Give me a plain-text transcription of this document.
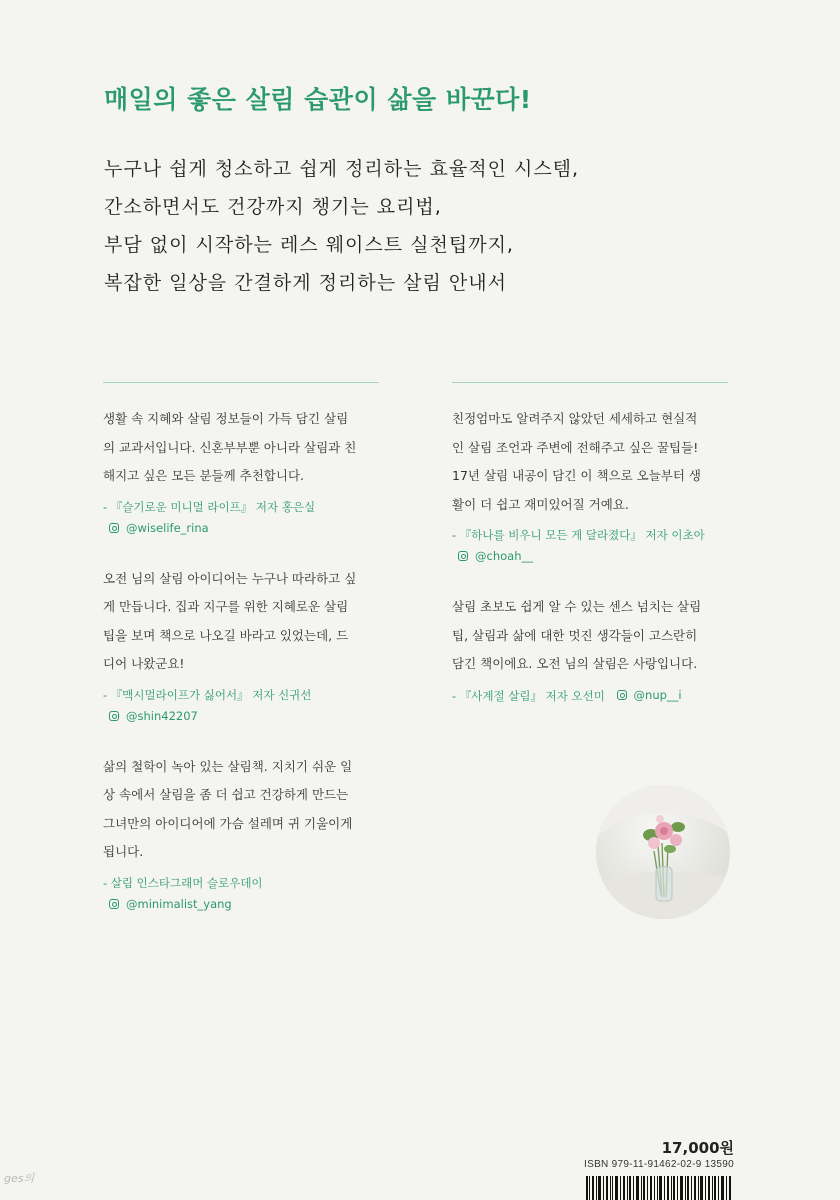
매일의 좋은 살림 습관이 삶을 바꾼다!
누구나 쉽게 청소하고 쉽게 정리하는 효율적인 시스템,
간소하면서도 건강까지 챙기는 요리법,
부담 없이 시작하는 레스 웨이스트 실천팁까지,
복잡한 일상을 간결하게 정리하는 살림 안내서

생활 속 지혜와 살림 정보들이 가득 담긴 살림
의 교과서입니다. 신혼부부뿐 아니라 살림과 친
해지고 싶은 모든 분들께 추천합니다.

- 『슬기로운 미니멀 라이프』 저자 홍은실
@wiselife_rina

오전 님의 살림 아이디어는 누구나 따라하고 싶
게 만듭니다. 집과 지구를 위한 지혜로운 살림
팁을 보며 책으로 나오길 바라고 있었는데, 드
디어 나왔군요!

- 『맥시멀라이프가 싫어서』 저자 신귀선
@shin42207

삶의 철학이 녹아 있는 살림책. 지치기 쉬운 일
상 속에서 살림을 좀 더 쉽고 건강하게 만드는
그녀만의 아이디어에 가슴 설레며 귀 기울이게
됩니다.

- 살림 인스타그래머 슬로우데이
@minimalist_yang

친정엄마도 알려주지 않았던 세세하고 현실적
인 살림 조언과 주변에 전해주고 싶은 꿀팁들!
17년 살림 내공이 담긴 이 책으로 오늘부터 생
활이 더 쉽고 재미있어질 거예요.

- 『하나를 비우니 모든 게 달라졌다』 저자 이초아
@choah__

살림 초보도 쉽게 알 수 있는 센스 넘치는 살림
팁, 살림과 삶에 대한 멋진 생각들이 고스란히
담긴 책이에요. 오전 님의 살림은 사랑입니다.

- 『사계절 살림』 저자 오선미 @nup__i
ges의
17,000원
ISBN 979-11-91462-02-9 13590
